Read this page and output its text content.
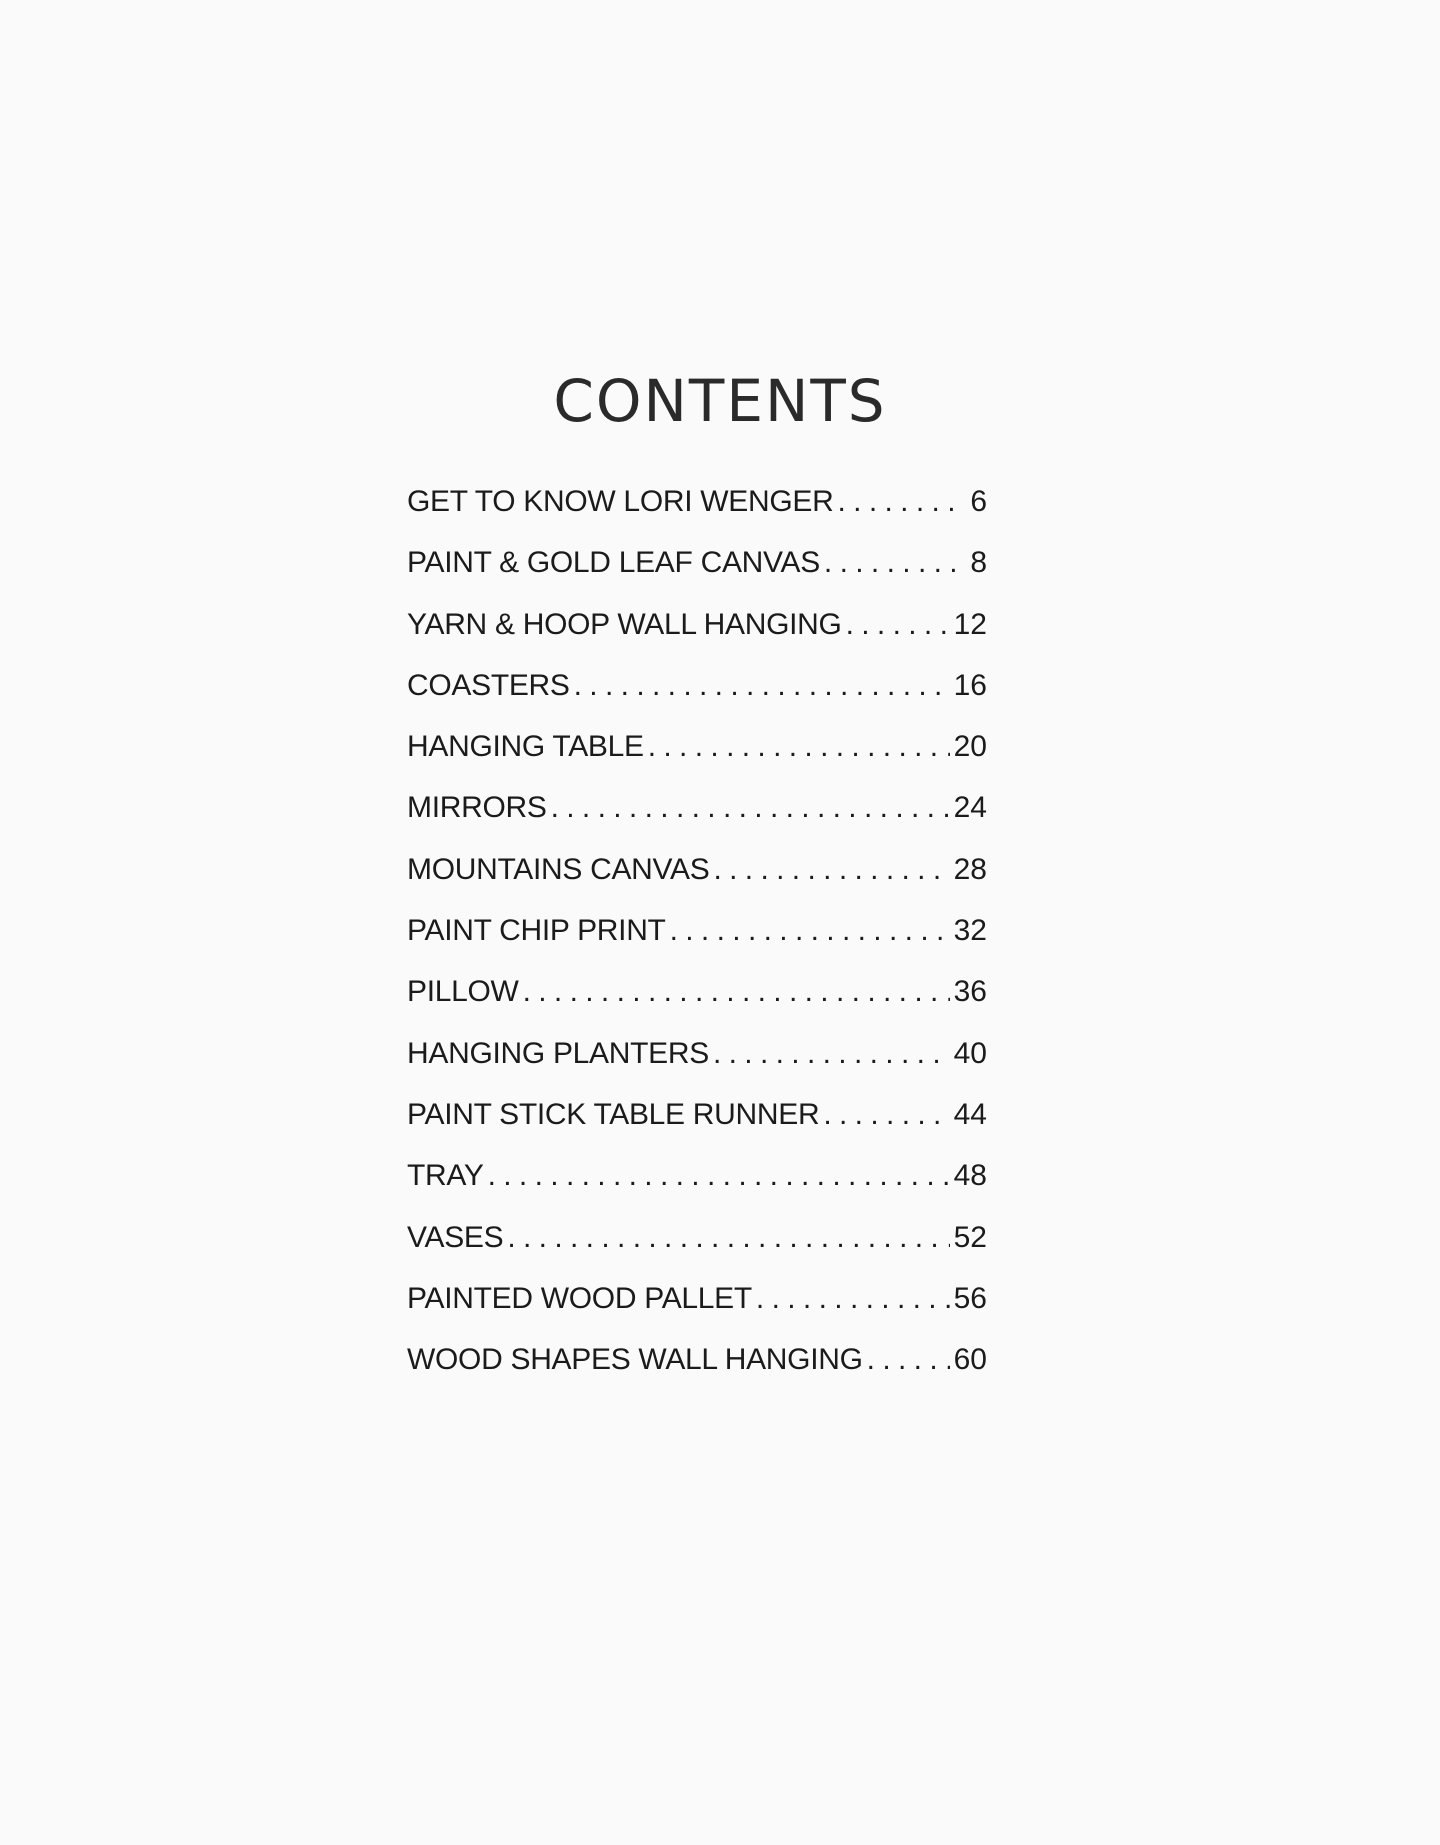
CONTENTS
GET TO KNOW LORI WENGER . . .	6
PAINT & GOLD LEAF CANVAS . . .	8
YARN & HOOP WALL HANGING . . .	12
COASTERS . . .	16
HANGING TABLE . . .	20
MIRRORS . . .	24
MOUNTAINS CANVAS . . .	28
PAINT CHIP PRINT . . .	32
PILLOW . . .	36
HANGING PLANTERS . . .	40
PAINT STICK TABLE RUNNER . . .	44
TRAY . . .	48
VASES . . .	52
PAINTED WOOD PALLET . . .	56
WOOD SHAPES WALL HANGING . . .	60
